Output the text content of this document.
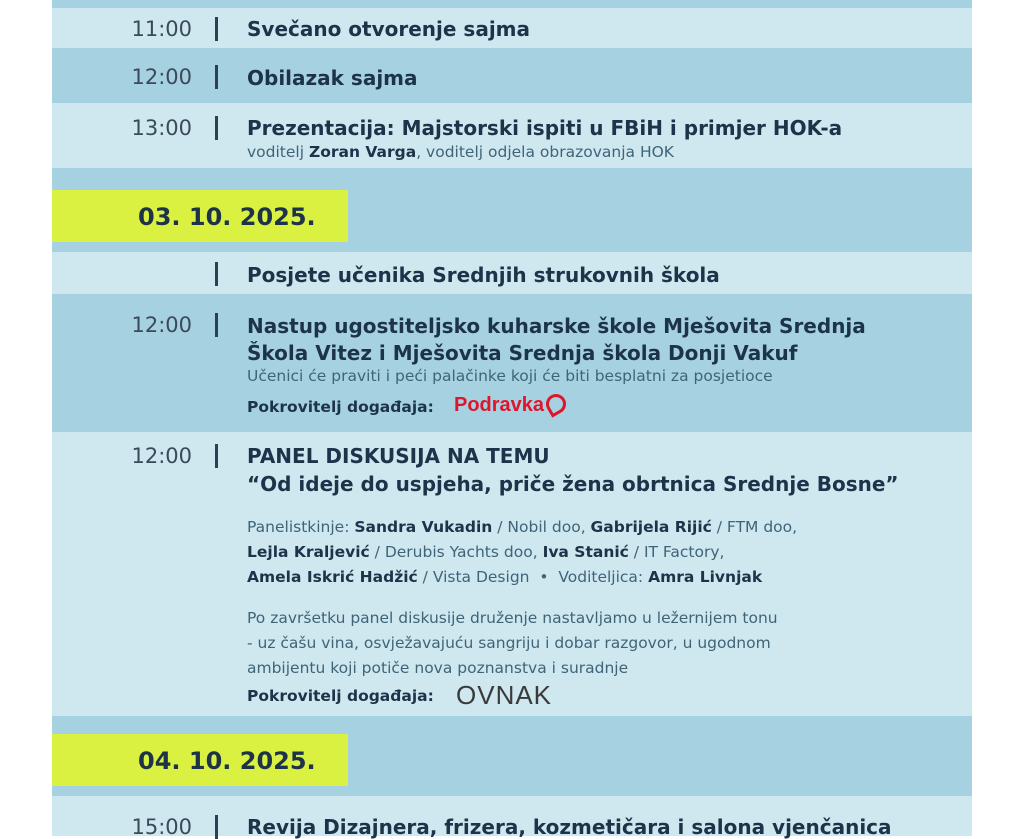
11:00	Svečano otvorenje sajma
12:00	Obilazak sajma
13:00	Prezentacija: Majstorski ispiti u FBiH i primjer HOK-a
voditelj Zoran Varga, voditelj odjela obrazovanja HOK
03. 10. 2025.
Posjete učenika Srednjih strukovnih škola
12:00	Nastup ugostiteljsko kuharske škole Mješovita Srednja
Škola Vitez i Mješovita Srednja škola Donji Vakuf
Učenici će praviti i peći palačinke koji će biti besplatni za posjetioce
Pokrovitelj događaja: Podravka
12:00	PANEL DISKUSIJA NA TEMU
“Od ideje do uspjeha, priče žena obrtnica Srednje Bosne”
Panelistkinje: Sandra Vukadin / Nobil doo, Gabrijela Rijić / FTM doo,
Lejla Kraljević / Derubis Yachts doo, Iva Stanić / IT Factory,
Amela Iskrić Hadžić / Vista Design  •  Voditeljica: Amra Livnjak
Po završetku panel diskusije druženje nastavljamo u ležernijem tonu
- uz čašu vina, osvježavajuću sangriju i dobar razgovor, u ugodnom
ambijentu koji potiče nova poznanstva i suradnje
Pokrovitelj događaja: OVNAK
04. 10. 2025.
15:00	Revija Dizajnera, frizera, kozmetičara i salona vjenčanica
